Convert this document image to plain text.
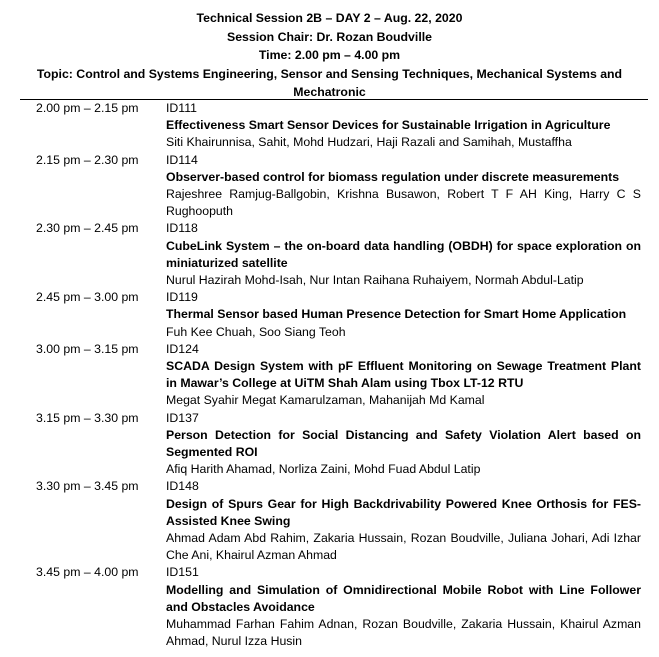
Technical Session 2B – DAY 2 – Aug. 22, 2020
Session Chair: Dr. Rozan Boudville
Time: 2.00 pm – 4.00 pm
Topic: Control and Systems Engineering, Sensor and Sensing Techniques, Mechanical Systems and Mechatronic
2.00 pm – 2.15 pm ID111
Effectiveness Smart Sensor Devices for Sustainable Irrigation in Agriculture
Siti Khairunnisa, Sahit, Mohd Hudzari, Haji Razali and Samihah, Mustaffha
2.15 pm – 2.30 pm ID114
Observer-based control for biomass regulation under discrete measurements
Rajeshree Ramjug-Ballgobin, Krishna Busawon, Robert T F AH King, Harry C S Rughooputh
2.30 pm – 2.45 pm ID118
CubeLink System – the on-board data handling (OBDH) for space exploration on miniaturized satellite
Nurul Hazirah Mohd-Isah, Nur Intan Raihana Ruhaiyem, Normah Abdul-Latip
2.45 pm – 3.00 pm ID119
Thermal Sensor based Human Presence Detection for Smart Home Application
Fuh Kee Chuah, Soo Siang Teoh
3.00 pm – 3.15 pm ID124
SCADA Design System with pF Effluent Monitoring on Sewage Treatment Plant in Mawar’s College at UiTM Shah Alam using Tbox LT-12 RTU
Megat Syahir Megat Kamarulzaman, Mahanijah Md Kamal
3.15 pm – 3.30 pm ID137
Person Detection for Social Distancing and Safety Violation Alert based on Segmented ROI
Afiq Harith Ahamad, Norliza Zaini, Mohd Fuad Abdul Latip
3.30 pm – 3.45 pm ID148
Design of Spurs Gear for High Backdrivability Powered Knee Orthosis for FES-Assisted Knee Swing
Ahmad Adam Abd Rahim, Zakaria Hussain, Rozan Boudville, Juliana Johari, Adi Izhar Che Ani, Khairul Azman Ahmad
3.45 pm – 4.00 pm ID151
Modelling and Simulation of Omnidirectional Mobile Robot with Line Follower and Obstacles Avoidance
Muhammad Farhan Fahim Adnan, Rozan Boudville, Zakaria Hussain, Khairul Azman Ahmad, Nurul Izza Husin
